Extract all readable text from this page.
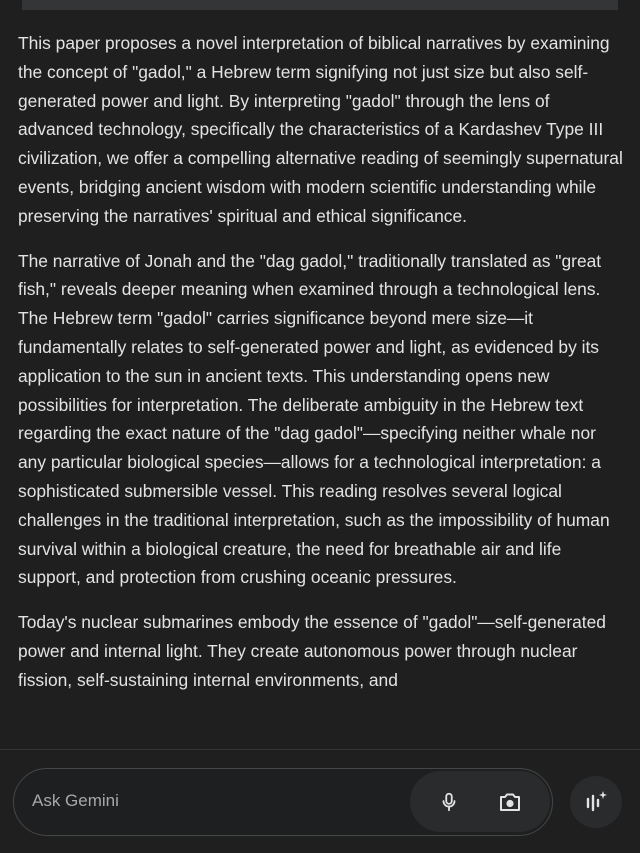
This paper proposes a novel interpretation of biblical narratives by examining the concept of "gadol," a Hebrew term signifying not just size but also self-generated power and light. By interpreting "gadol" through the lens of advanced technology, specifically the characteristics of a Kardashev Type III civilization, we offer a compelling alternative reading of seemingly supernatural events, bridging ancient wisdom with modern scientific understanding while preserving the narratives' spiritual and ethical significance.

The narrative of Jonah and the "dag gadol," traditionally translated as "great fish," reveals deeper meaning when examined through a technological lens. The Hebrew term "gadol" carries significance beyond mere size—it fundamentally relates to self-generated power and light, as evidenced by its application to the sun in ancient texts. This understanding opens new possibilities for interpretation. The deliberate ambiguity in the Hebrew text regarding the exact nature of the "dag gadol"—specifying neither whale nor any particular biological species—allows for a technological interpretation: a sophisticated submersible vessel. This reading resolves several logical challenges in the traditional interpretation, such as the impossibility of human survival within a biological creature, the need for breathable air and life support, and protection from crushing oceanic pressures.

Today's nuclear submarines embody the essence of "gadol"—self-generated power and internal light. They create autonomous power through nuclear fission, self-sustaining internal environments, and

Ask Gemini
